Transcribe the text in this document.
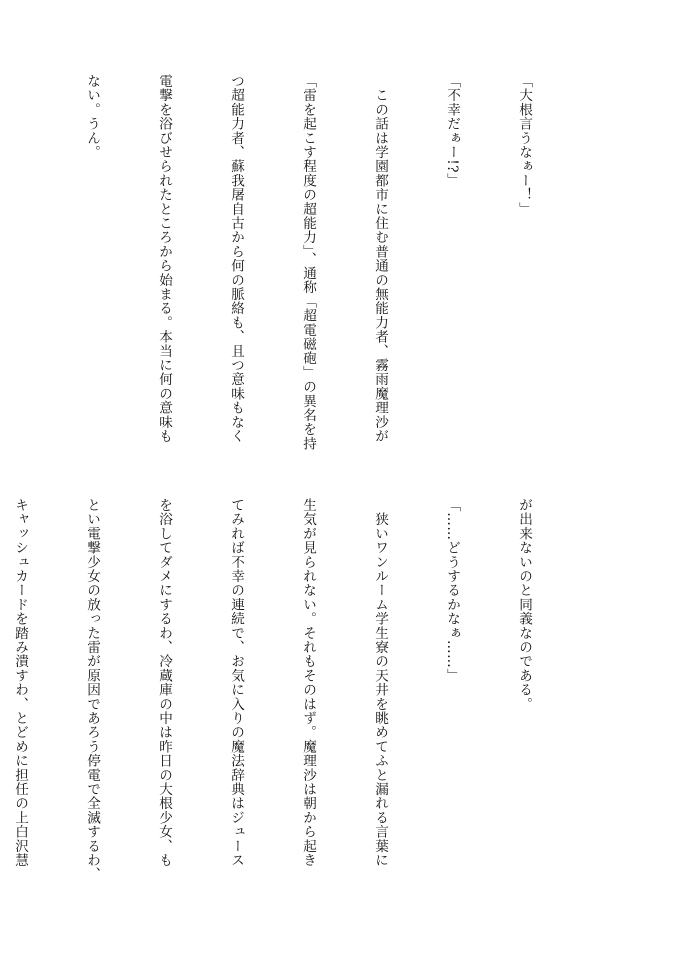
「大根言うなぁー！」

「不幸だぁー!?」

　この話は学園都市に住む普通の無能力者、霧雨魔理沙が

「雷を起こす程度の超能力」、通称「超電磁砲」の異名を持

つ超能力者、蘇我屠自古から何の脈絡も、且つ意味もなく

電撃を浴びせられたところから始まる。本当に何の意味も

ない。うん。

が出来ないのと同義なのである。

「……どうするかなぁ……」

　狭いワンルーム学生寮の天井を眺めてふと漏れる言葉に

生気が見られない。それもそのはず。魔理沙は朝から起き

てみれば不幸の連続で、お気に入りの魔法辞典はジュース

を浴してダメにするわ、冷蔵庫の中は昨日の大根少女、も

とい電撃少女の放った雷が原因であろう停電で全滅するわ、

キャッシュカードを踏み潰すわ、とどめに担任の上白沢慧
